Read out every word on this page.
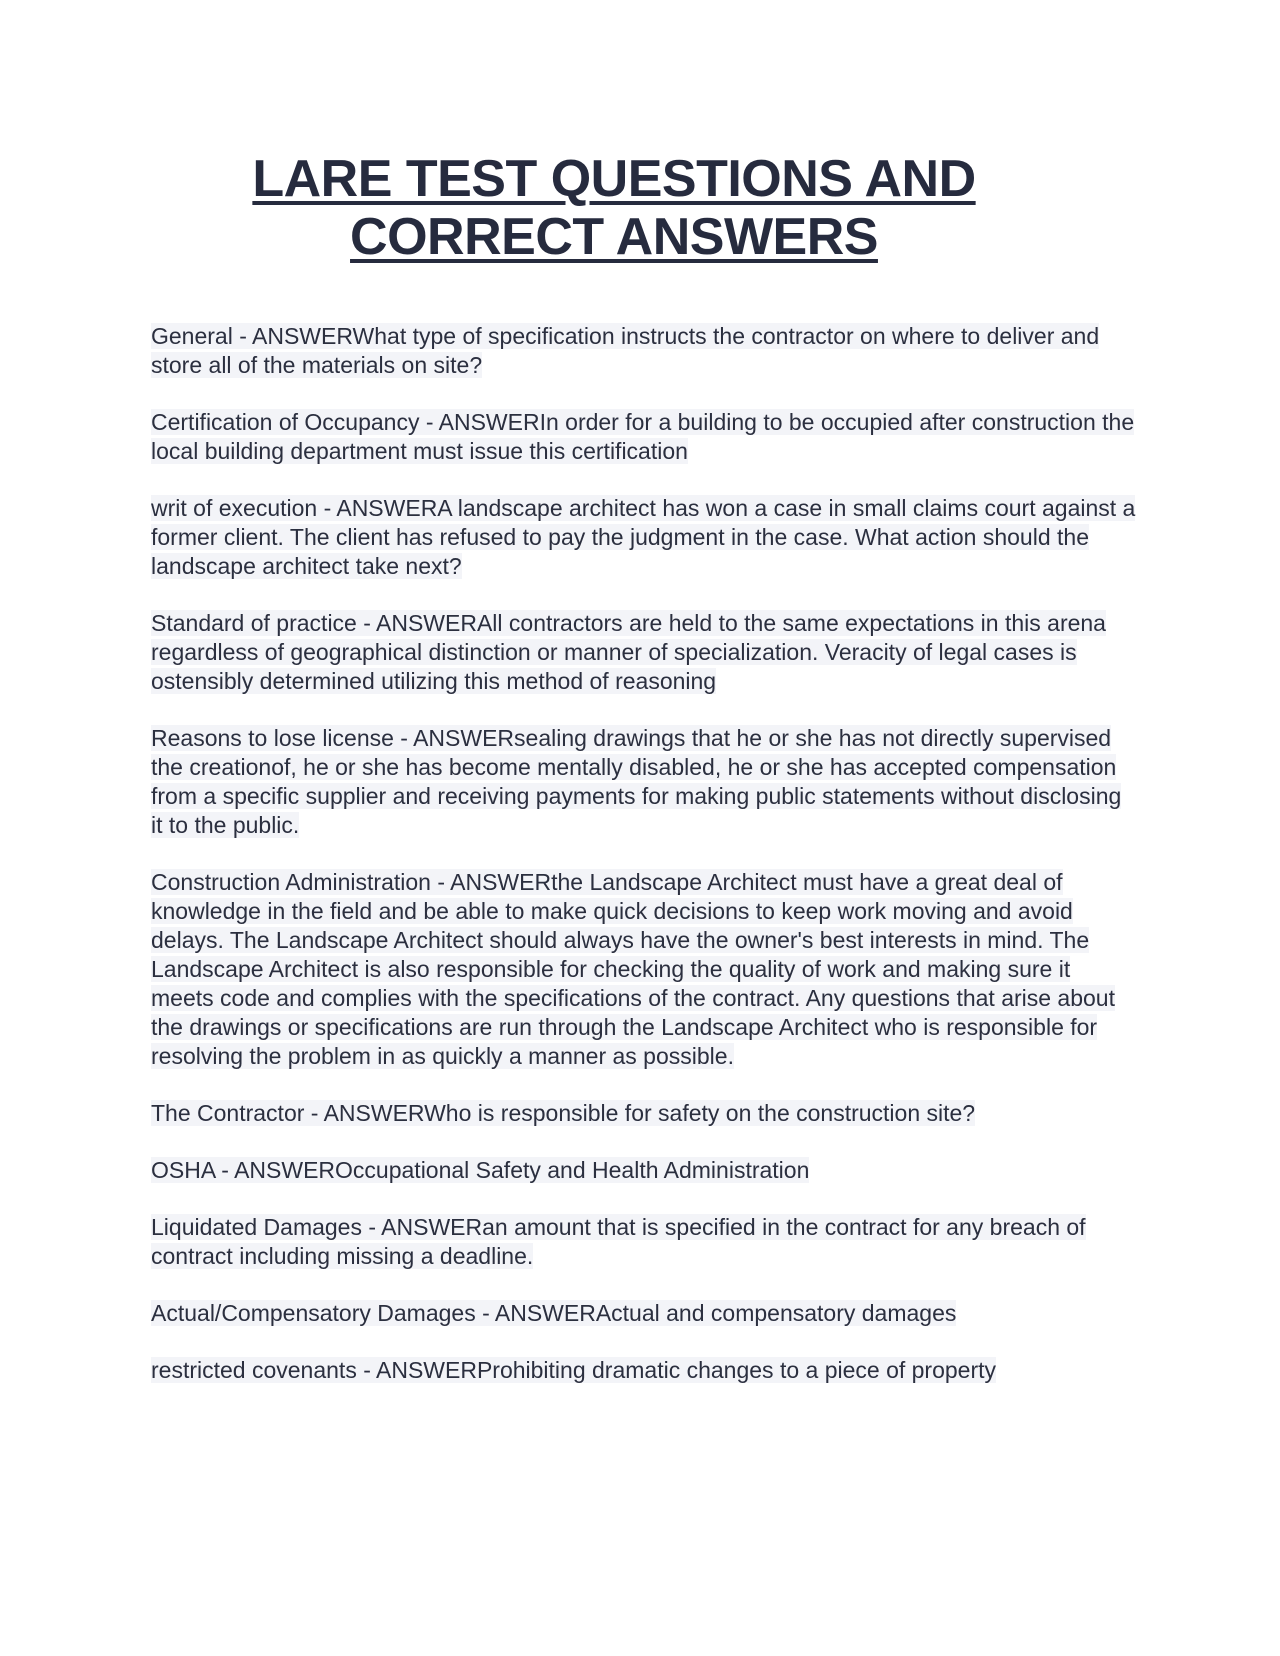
LARE TEST QUESTIONS AND
CORRECT ANSWERS

General - ANSWERWhat type of specification instructs the contractor on where to deliver and store all of the materials on site?

Certification of Occupancy - ANSWERIn order for a building to be occupied after construction the local building department must issue this certification

writ of execution - ANSWERA landscape architect has won a case in small claims court against a former client. The client has refused to pay the judgment in the case. What action should the landscape architect take next?

Standard of practice - ANSWERAll contractors are held to the same expectations in this arena regardless of geographical distinction or manner of specialization. Veracity of legal cases is ostensibly determined utilizing this method of reasoning

Reasons to lose license - ANSWERsealing drawings that he or she has not directly supervised the creationof, he or she has become mentally disabled, he or she has accepted compensation from a specific supplier and receiving payments for making public statements without disclosing it to the public.

Construction Administration - ANSWERthe Landscape Architect must have a great deal of knowledge in the field and be able to make quick decisions to keep work moving and avoid delays. The Landscape Architect should always have the owner's best interests in mind. The Landscape Architect is also responsible for checking the quality of work and making sure it meets code and complies with the specifications of the contract. Any questions that arise about the drawings or specifications are run through the Landscape Architect who is responsible for resolving the problem in as quickly a manner as possible.

The Contractor - ANSWERWho is responsible for safety on the construction site?

OSHA - ANSWEROccupational Safety and Health Administration

Liquidated Damages - ANSWERan amount that is specified in the contract for any breach of contract including missing a deadline.

Actual/Compensatory Damages - ANSWERActual and compensatory damages

restricted covenants - ANSWERProhibiting dramatic changes to a piece of property
